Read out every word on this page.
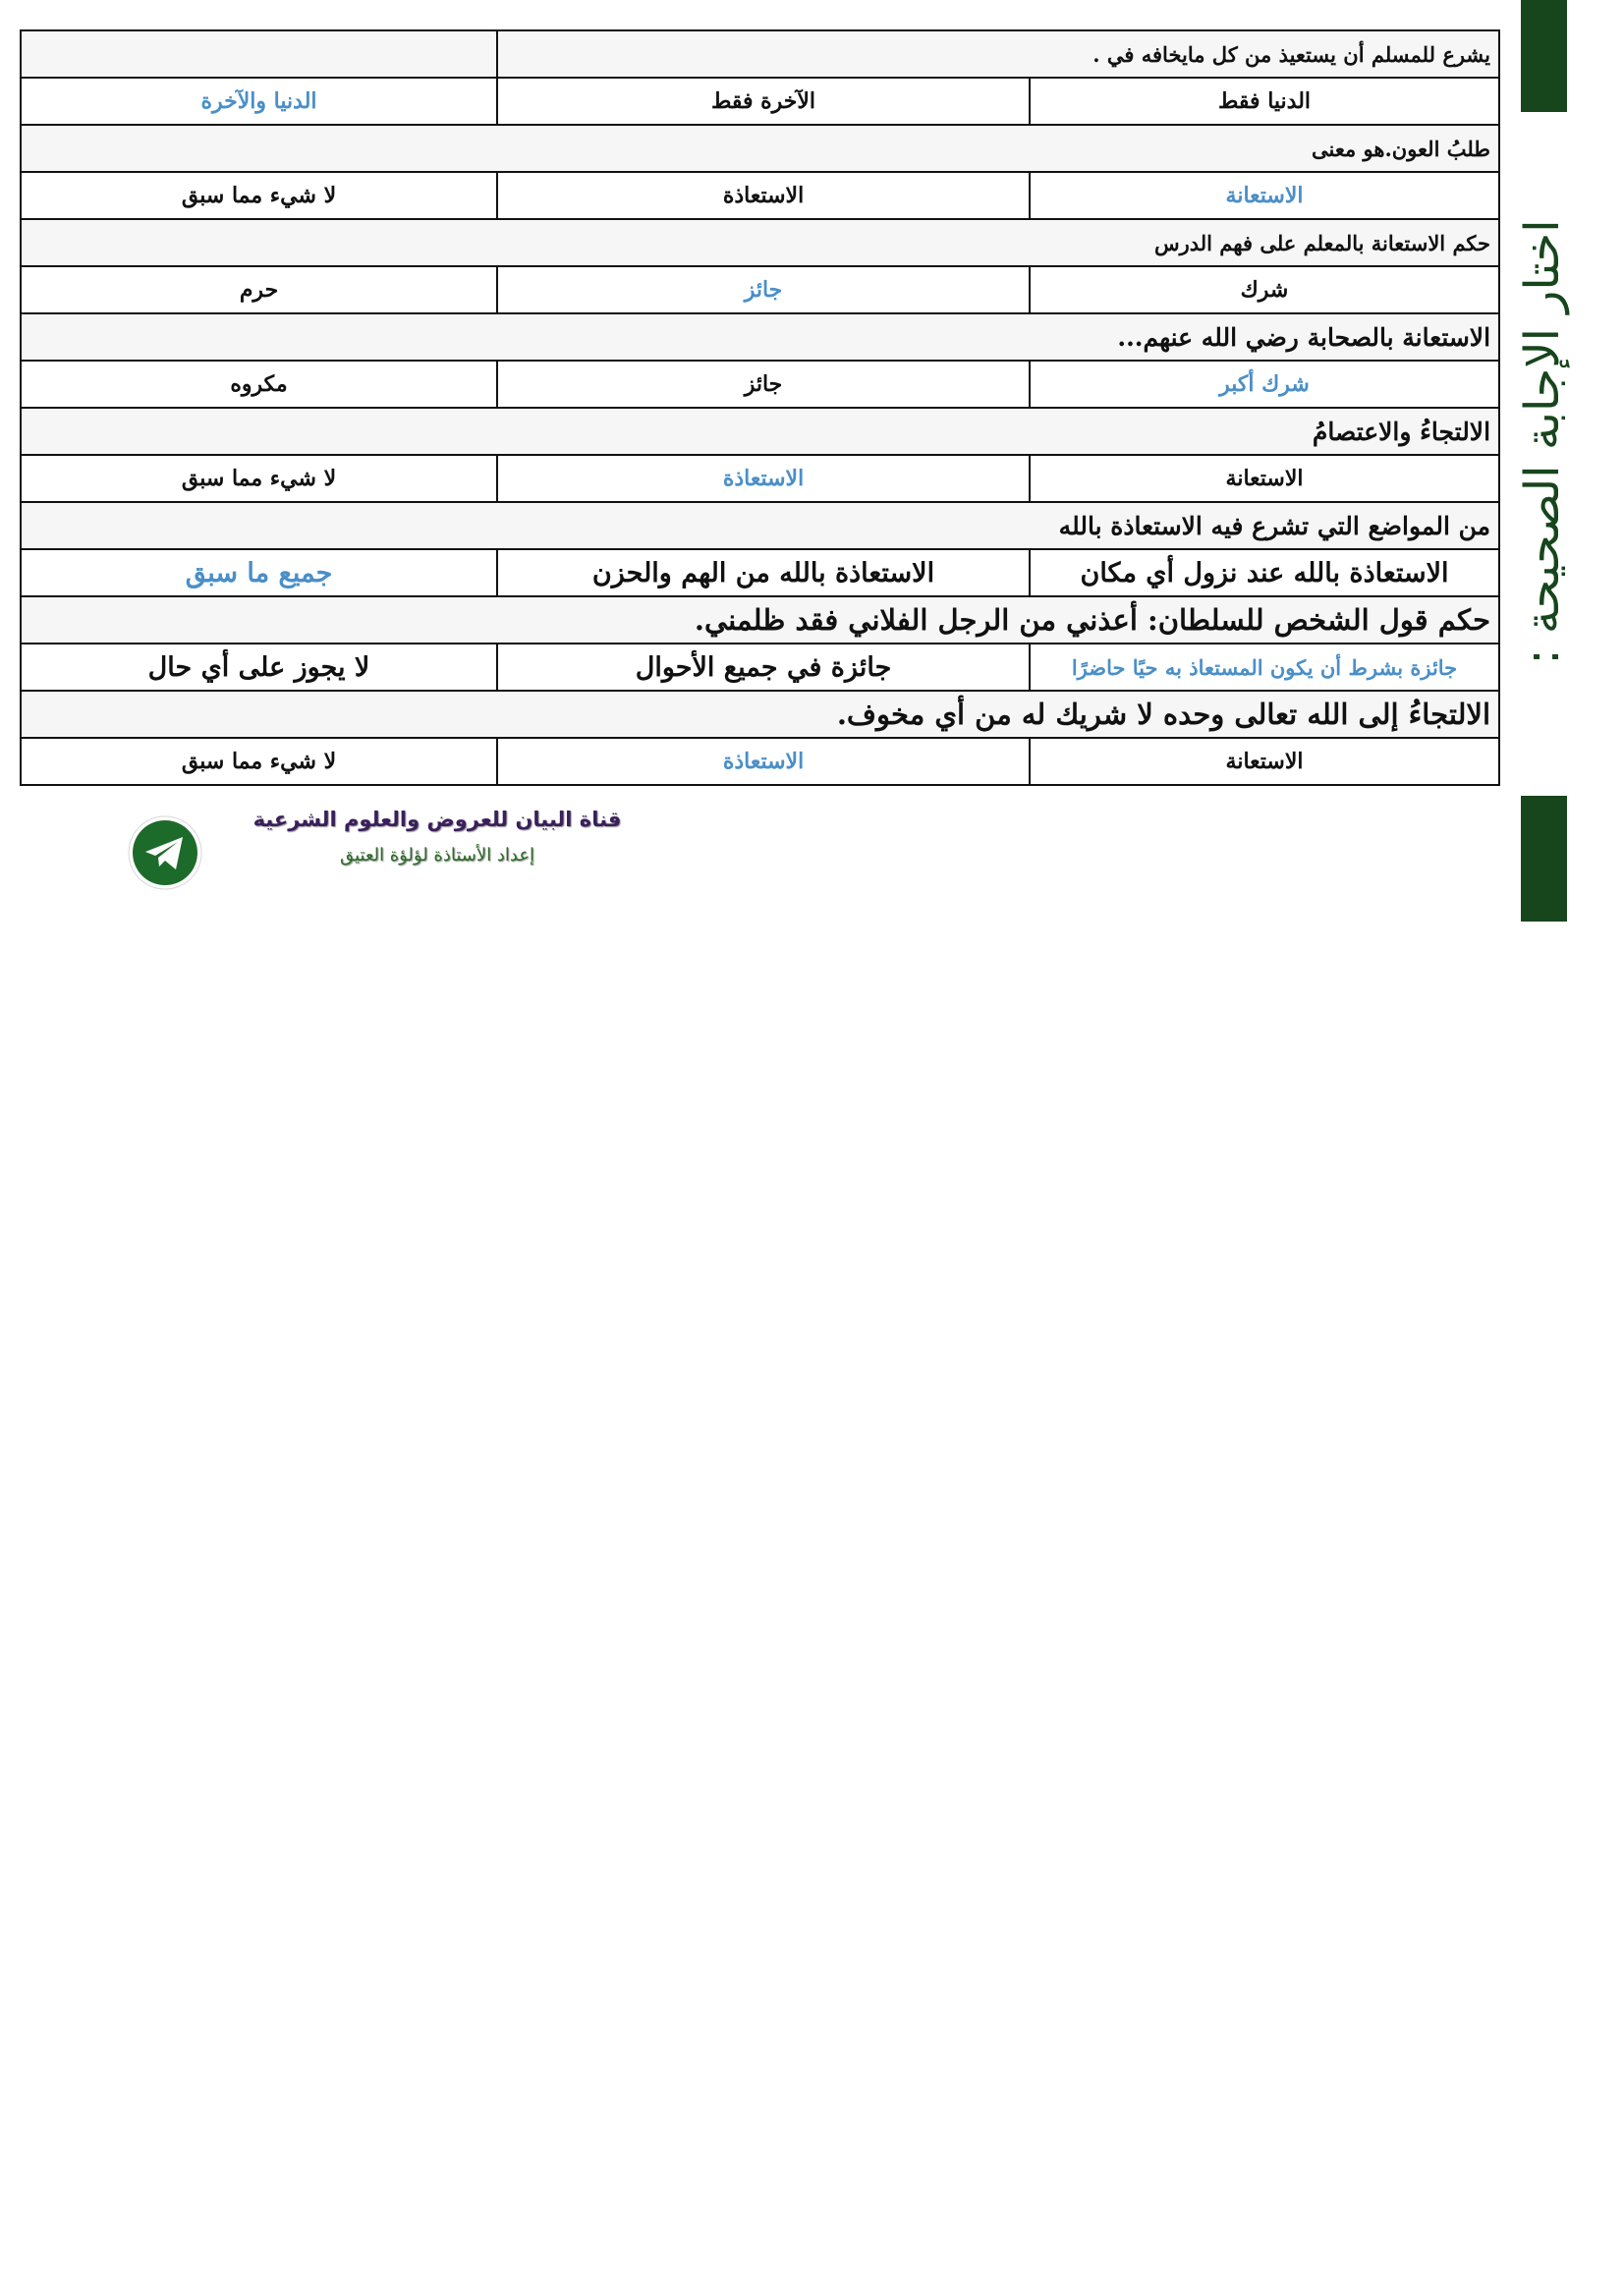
يشرع للمسلم أن يستعيذ من كل مايخافه في .		
الدنيا فقط	الآخرة فقط	الدنيا والآخرة
طلبُ العون.هو معنى		
الاستعانة	الاستعاذة	لا شيء مما سبق
حكم الاستعانة بالمعلم على فهم الدرس		
شرك	جائز	حرم
الاستعانة بالصحابة رضي الله عنهم...		
شرك أكبر	جائز	مكروه
الالتجاءُ والاعتصامُ		
الاستعانة	الاستعاذة	لا شيء مما سبق
من المواضع التي تشرع فيه الاستعاذة بالله		
الاستعاذة بالله عند نزول أي مكان	الاستعاذة بالله من الهم والحزن	جميع ما سبق
حكم قول الشخص للسلطان: أعذني من الرجل الفلاني فقد ظلمني.		
جائزة بشرط أن يكون المستعاذ به حيًا حاضرًا	جائزة في جميع الأحوال	لا يجوز على أي حال
الالتجاءُ إلى الله تعالى وحده لا شريك له من أي مخوف.		
الاستعانة	الاستعاذة	لا شيء مما سبق
اختار الإجابة الصحيحة :
قناة البيان للعروض والعلوم الشرعية
إعداد الأستاذة لؤلؤة العتيق
